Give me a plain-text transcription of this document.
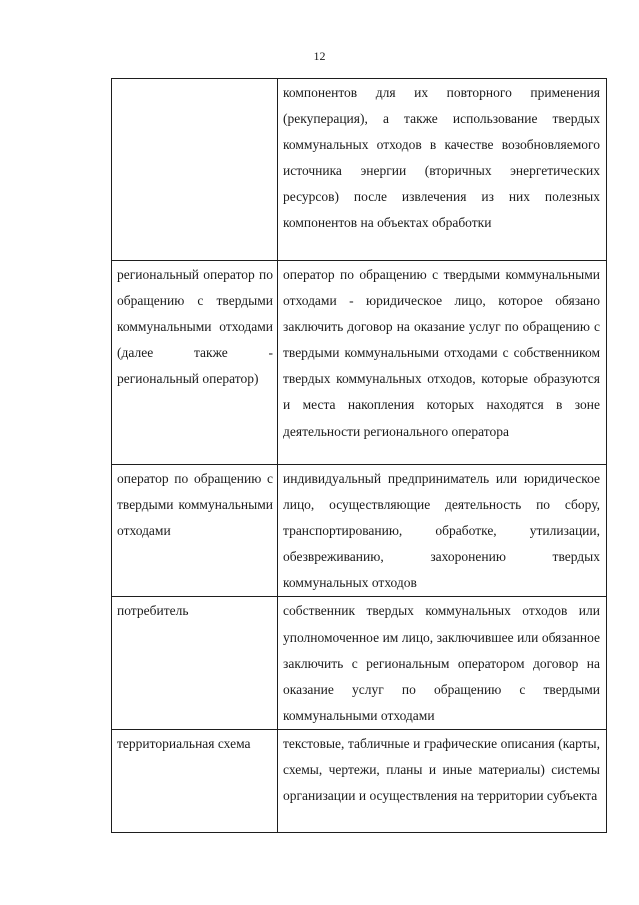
12

	компонентов для их повторного применения (рекуперация), а также использование твердых коммунальных отходов в качестве возобновляемого источника энергии (вторичных энергетических ресурсов) после извлечения из них полезных компонентов на объектах обработки

региональный оператор по обращению с твердыми коммунальными отходами (далее также - региональный оператор)	оператор по обращению с твердыми коммунальными отходами - юридическое лицо, которое обязано заключить договор на оказание услуг по обращению с твердыми коммунальными отходами с собственником твердых коммунальных отходов, которые образуются и места накопления которых находятся в зоне деятельности регионального оператора

оператор по обращению с твердыми коммунальными отходами	индивидуальный предприниматель или юридическое лицо, осуществляющие деятельность по сбору, транспортированию, обработке, утилизации, обезвреживанию, захоронению твердых коммунальных отходов

потребитель	собственник твердых коммунальных отходов или уполномоченное им лицо, заключившее или обязанное заключить с региональным оператором договор на оказание услуг по обращению с твердыми коммунальными отходами

территориальная схема	текстовые, табличные и графические описания (карты, схемы, чертежи, планы и иные материалы) системы организации и осуществления на территории субъекта
